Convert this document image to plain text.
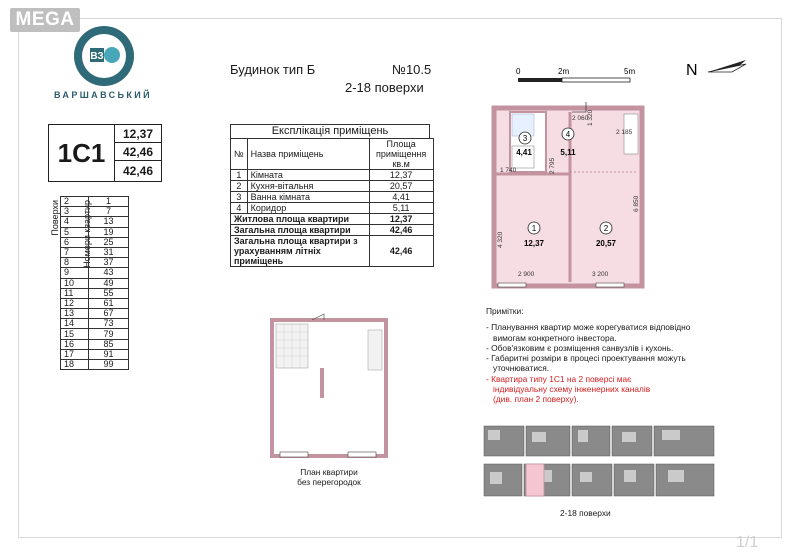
MEGA
ВЗ
ВАРШАВСЬКИЙ
1С1
12,37
42,46
42,46
Поверхи Номери квартир
2	1
3	7
4	13
5	19
6	25
7	31
8	37
9	43
10	49
11	55
12	61
13	67
14	73
15	79
16	85
17	91
18	99
Будинок тип Б	№10.5
2-18 поверхи
Експлікація приміщень
№	Назва приміщень	Площа приміщення кв.м
1	Кімната	12,37
2	Кухня-вітальня	20,57
3	Ванна кімната	4,41
4	Коридор	5,11
Житлова площа квартири		12,37
Загальна площа квартири		42,46
Загальна площа квартири з урахуванням літніх приміщень		42,46
0	2m	5m
3
4,41
4
5,11
1
12,37
2
20,57
2 060
2 185
1 320
2 795
1 740
6 850
4 320
2 900	3 200
N
Примітки:
- Планування квартир може корегуватися відповідно
вимогам конкретного інвестора.
- Обов'язковим є розміщення санвузлів і кухонь.
- Габаритні розміри в процесі проектування можуть
уточнюватися.
- Квартира типу 1С1 на 2 поверсі має
індивідуальну схему інженерних каналів
(див. план 2 поверху).
План квартири
без перегородок
2-18 поверхи
1/1
